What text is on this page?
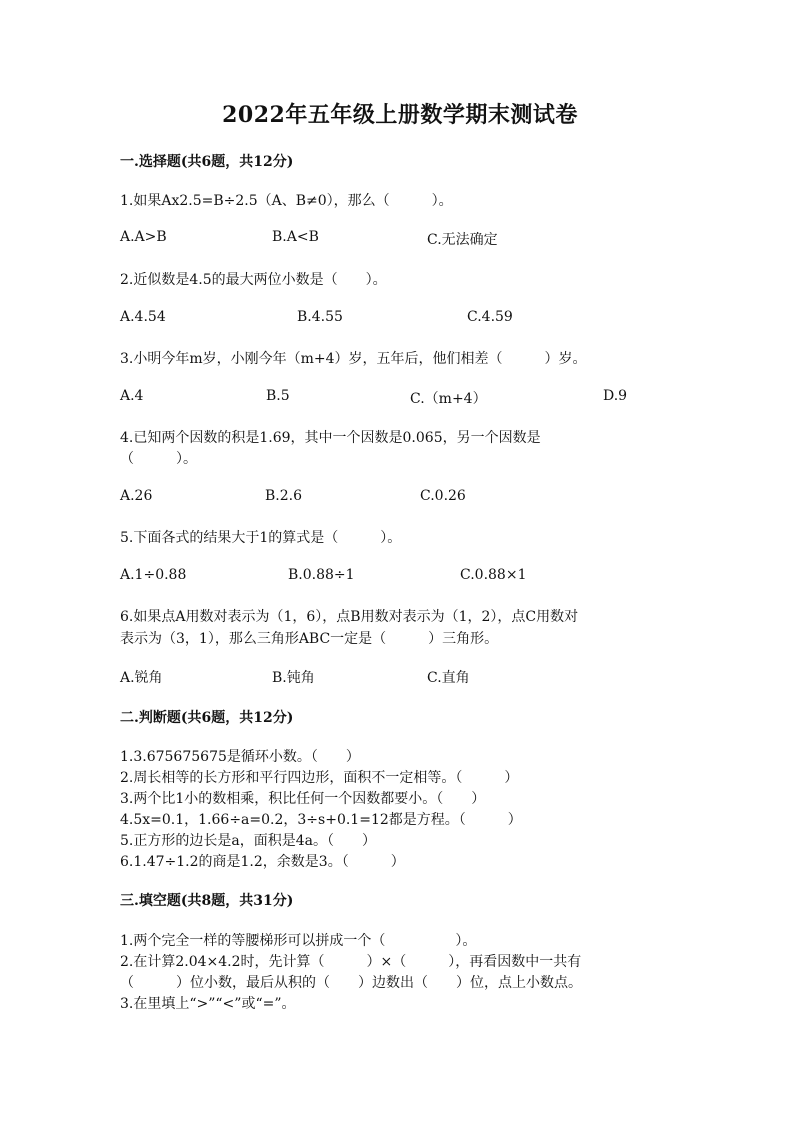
2022年五年级上册数学期末测试卷
一.选择题(共6题，共12分)
1.如果Ax2.5=B÷2.5（A、B≠0），那么（　　　）。
A.A>B	B.A<B	C.无法确定
2.近似数是4.5的最大两位小数是（　　）。
A.4.54	B.4.55	C.4.59
3.小明今年m岁，小刚今年（m+4）岁，五年后，他们相差（　　　）岁。
A.4	B.5	C.（m+4）	D.9
4.已知两个因数的积是1.69，其中一个因数是0.065，另一个因数是
（　　　）。
A.26	B.2.6	C.0.26
5.下面各式的结果大于1的算式是（　　　）。
A.1÷0.88	B.0.88÷1	C.0.88×1
6.如果点A用数对表示为（1，6），点B用数对表示为（1，2），点C用数对
表示为（3，1），那么三角形ABC一定是（　　　）三角形。
A.锐角	B.钝角	C.直角
二.判断题(共6题，共12分)
1.3.675675675是循环小数。（　　）
2.周长相等的长方形和平行四边形，面积不一定相等。（　　　）
3.两个比1小的数相乘，积比任何一个因数都要小。（　　）
4.5x=0.1，1.66÷a=0.2，3÷s+0.1=12都是方程。（　　　）
5.正方形的边长是a，面积是4a。（　　）
6.1.47÷1.2的商是1.2，余数是3。（　　　）
三.填空题(共8题，共31分)
1.两个完全一样的等腰梯形可以拼成一个（　　　　　）。
2.在计算2.04×4.2时，先计算（　　　）×（　　　），再看因数中一共有
（　　　）位小数，最后从积的（　　）边数出（　　）位，点上小数点。
3.在里填上“>”“<”或“=”。
